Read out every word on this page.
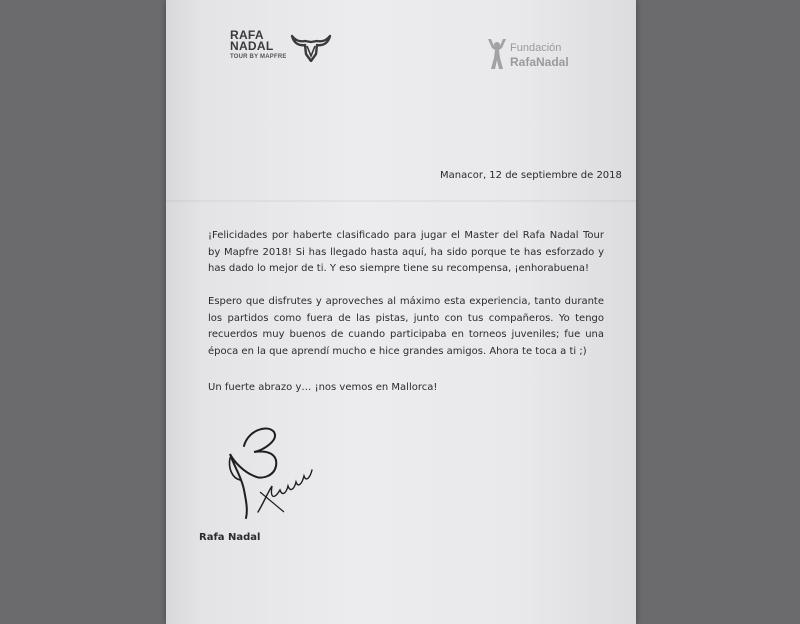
RAFA
NADAL
TOUR BY MAPFRE
Fundación
RafaNadal
Manacor, 12 de septiembre de 2018
¡Felicidades por haberte clasificado para jugar el Master del Rafa Nadal Tour by Mapfre 2018! Si has llegado hasta aquí, ha sido porque te has esforzado y has dado lo mejor de ti. Y eso siempre tiene su recompensa, ¡enhorabuena!
Espero que disfrutes y aproveches al máximo esta experiencia, tanto durante los partidos como fuera de las pistas, junto con tus compañeros. Yo tengo recuerdos muy buenos de cuando participaba en torneos juveniles; fue una época en la que aprendí mucho e hice grandes amigos. Ahora te toca a ti ;)
Un fuerte abrazo y… ¡nos vemos en Mallorca!
Rafa Nadal
